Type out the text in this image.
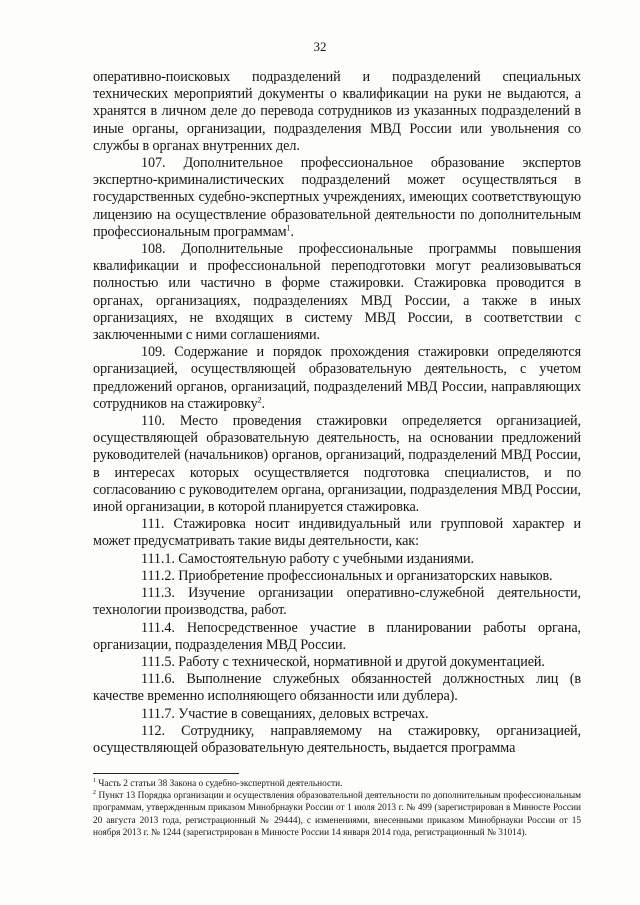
32

оперативно-поисковых подразделений и подразделений специальных технических мероприятий документы о квалификации на руки не выдаются, а хранятся в личном деле до перевода сотрудников из указанных подразделений в иные органы, организации, подразделения МВД России или увольнения со службы в органах внутренних дел.

107. Дополнительное профессиональное образование экспертов экспертно-криминалистических подразделений может осуществляться в государственных судебно-экспертных учреждениях, имеющих соответствующую лицензию на осуществление образовательной деятельности по дополнительным профессиональным программам$^1$.

108. Дополнительные профессиональные программы повышения квалификации и профессиональной переподготовки могут реализовываться полностью или частично в форме стажировки. Стажировка проводится в органах, организациях, подразделениях МВД России, а также в иных организациях, не входящих в систему МВД России, в соответствии с заключенными с ними соглашениями.

109. Содержание и порядок прохождения стажировки определяются организацией, осуществляющей образовательную деятельность, с учетом предложений органов, организаций, подразделений МВД России, направляющих сотрудников на стажировку$^2$.

110. Место проведения стажировки определяется организацией, осуществляющей образовательную деятельность, на основании предложений руководителей (начальников) органов, организаций, подразделений МВД России, в интересах которых осуществляется подготовка специалистов, и по согласованию с руководителем органа, организации, подразделения МВД России, иной организации, в которой планируется стажировка.

111. Стажировка носит индивидуальный или групповой характер и может предусматривать такие виды деятельности, как:

111.1. Самостоятельную работу с учебными изданиями.

111.2. Приобретение профессиональных и организаторских навыков.

111.3. Изучение организации оперативно-служебной деятельности, технологии производства, работ.

111.4. Непосредственное участие в планировании работы органа, организации, подразделения МВД России.

111.5. Работу с технической, нормативной и другой документацией.

111.6. Выполнение служебных обязанностей должностных лиц (в качестве временно исполняющего обязанности или дублера).

111.7. Участие в совещаниях, деловых встречах.

112. Сотруднику, направляемому на стажировку, организацией, осуществляющей образовательную деятельность, выдается программа

$^1$ Часть 2 статьи 38 Закона о судебно-экспертной деятельности.

$^2$ Пункт 13 Порядка организации и осуществления образовательной деятельности по дополнительным профессиональным программам, утвержденным приказом Минобрнауки России от 1 июля 2013 г. № 499 (зарегистрирован в Минюсте России 20 августа 2013 года, регистрационный № 29444), с изменениями, внесенными приказом Минобрнауки России от 15 ноября 2013 г. № 1244 (зарегистрирован в Минюсте России 14 января 2014 года, регистрационный № 31014).
